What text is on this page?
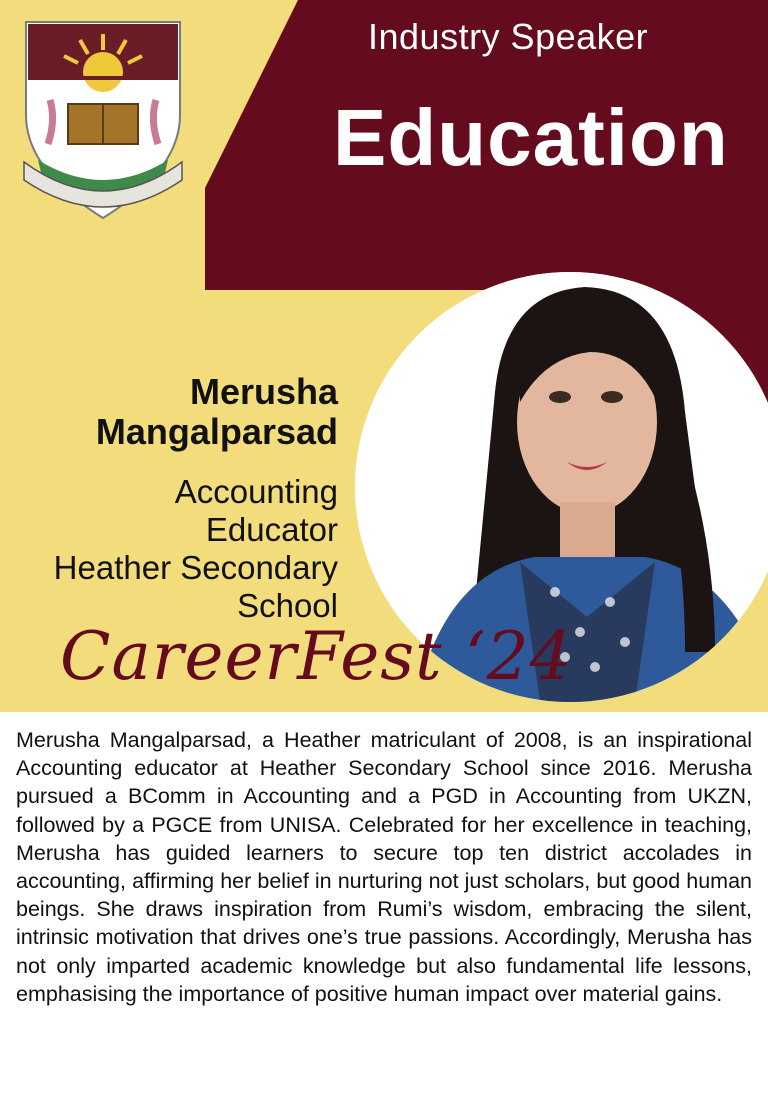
Industry Speaker
Education
Merusha
Mangalparsad
Accounting
Educator
Heather Secondary
School
CareerFest ‘24
Merusha Mangalparsad, a Heather matriculant of 2008, is an inspirational Accounting educator at Heather Secondary School since 2016. Merusha pursued a BComm in Accounting and a PGD in Accounting from UKZN, followed by a PGCE from UNISA. Celebrated for her excellence in teaching, Merusha has guided learners to secure top ten district accolades in accounting, affirming her belief in nurturing not just scholars, but good human beings. She draws inspiration from Rumi’s wisdom, embracing the silent, intrinsic motivation that drives one’s true passions. Accordingly, Merusha has not only imparted academic knowledge but also fundamental life lessons, emphasising the importance of positive human impact over material gains.
